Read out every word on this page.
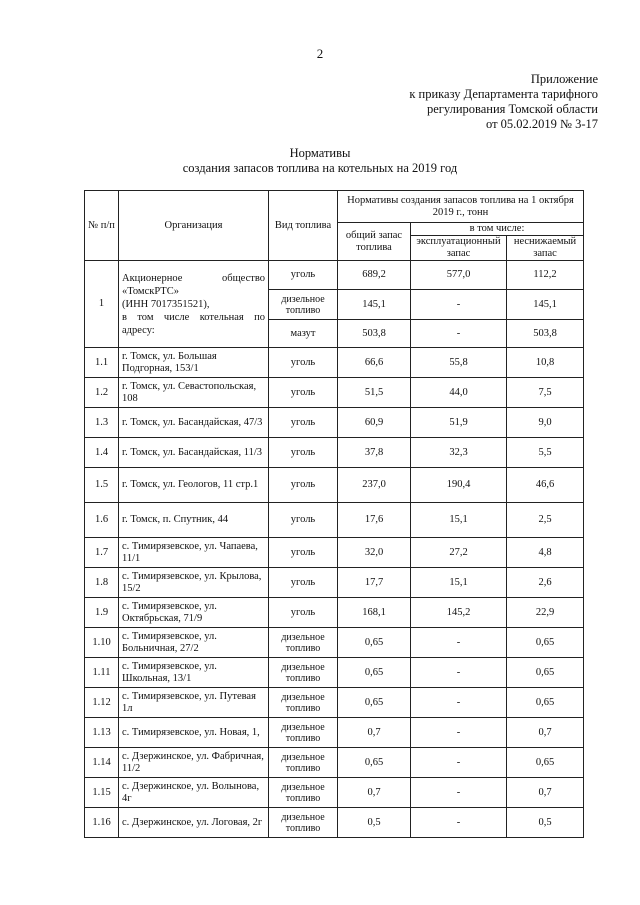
2
Приложение
к приказу Департамента тарифного
регулирования Томской области
от 05.02.2019 № 3-17
Нормативы
создания запасов топлива на котельных на 2019 год
№ п/п	Организация	Вид топлива	Нормативы создания запасов топлива на 1 октября 2019 г., тонн		
			общий запас топлива	в том числе:	
				эксплуатационный запас	неснижаемый запас
1	Акционерное общество «ТомскРТС»
(ИНН 7017351521),
в том числе котельная по адресу:	уголь	689,2	577,0	112,2
		дизельное топливо	145,1	-	145,1
		мазут	503,8	-	503,8
1.1	г. Томск, ул. Большая Подгорная, 153/1	уголь	66,6	55,8	10,8
1.2	г. Томск, ул. Севастопольская, 108	уголь	51,5	44,0	7,5
1.3	г. Томск, ул. Басандайская, 47/3	уголь	60,9	51,9	9,0
1.4	г. Томск, ул. Басандайская, 11/3	уголь	37,8	32,3	5,5
1.5	г. Томск, ул. Геологов, 11 стр.1	уголь	237,0	190,4	46,6
1.6	г. Томск, п. Спутник, 44	уголь	17,6	15,1	2,5
1.7	с. Тимирязевское, ул. Чапаева, 11/1	уголь	32,0	27,2	4,8
1.8	с. Тимирязевское, ул. Крылова, 15/2	уголь	17,7	15,1	2,6
1.9	с. Тимирязевское, ул. Октябрьская, 71/9	уголь	168,1	145,2	22,9
1.10	с. Тимирязевское, ул. Больничная, 27/2	дизельное топливо	0,65	-	0,65
1.11	с. Тимирязевское, ул. Школьная, 13/1	дизельное топливо	0,65	-	0,65
1.12	с. Тимирязевское, ул. Путевая 1л	дизельное топливо	0,65	-	0,65
1.13	с. Тимирязевское, ул. Новая, 1,	дизельное топливо	0,7	-	0,7
1.14	с. Дзержинское, ул. Фабричная, 11/2	дизельное топливо	0,65	-	0,65
1.15	с. Дзержинское, ул. Волынова, 4г	дизельное топливо	0,7	-	0,7
1.16	с. Дзержинское, ул. Логовая, 2г	дизельное топливо	0,5	-	0,5
